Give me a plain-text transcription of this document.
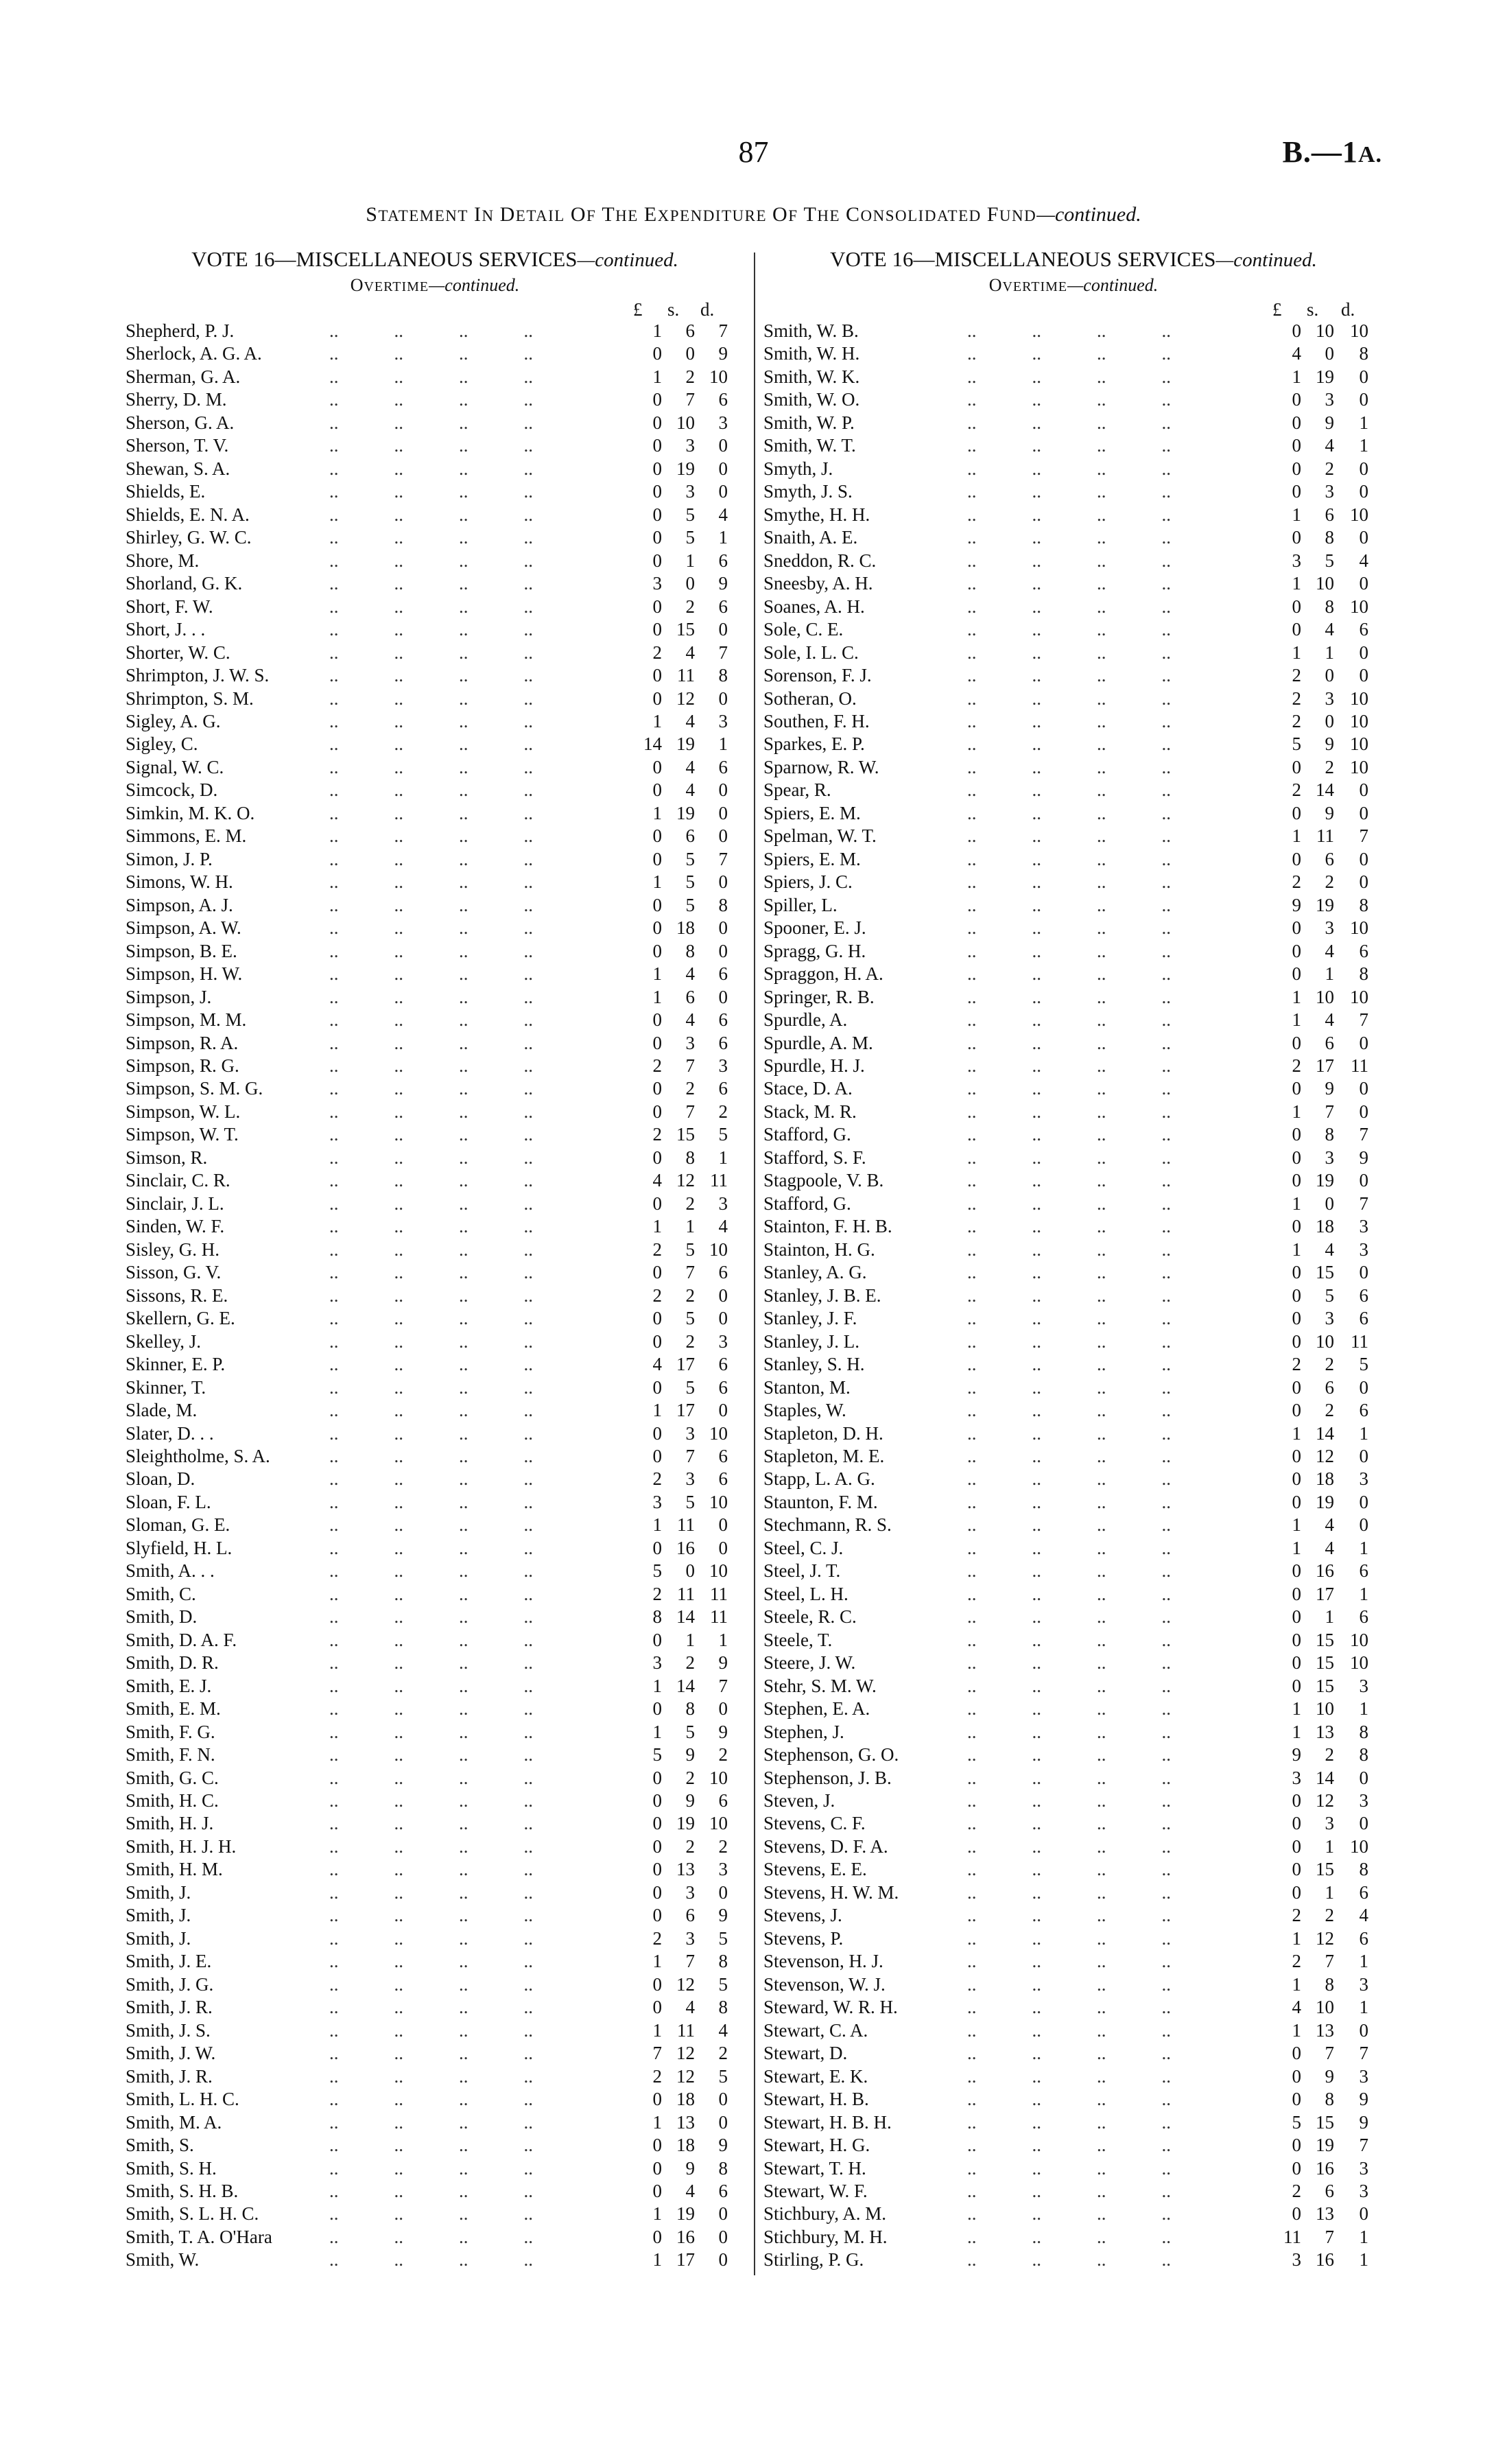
87	B.—1A.
STATEMENT IN DETAIL OF THE EXPENDITURE OF THE CONSOLIDATED FUND—continued.
VOTE 16—MISCELLANEOUS SERVICES—continued.
OVERTIME—continued.
£	s.	d.
Shepherd, P. J.	1	6	7
 ..   ..   ..   ..
Sherlock, A. G. A.	0	0	9
 ..   ..   ..   ..
Sherman, G. A.	1	2 10
 ..   ..   ..   ..
Sherry, D. M.	0	7	6
 ..   ..   ..   ..
Sherson, G. A.	0 10	3
 ..   ..   ..   ..
Sherson, T. V.	0	3	0
 ..   ..   ..   ..
Shewan, S. A.	0 19	0
 ..   ..   ..   ..
Shields, E.	0	3	0
 ..   ..   ..   ..
Shields, E. N. A.	0	5	4
 ..   ..   ..   ..
Shirley, G. W. C.	0	5	1
 ..   ..   ..   ..
Shore, M.	0	1	6
 ..   ..   ..   ..
Shorland, G. K.	3	0	9
 ..   ..   ..   ..
Short, F. W.	0	2	6
 ..   ..   ..   ..
Short, J. . .	0 15	0
 ..   ..   ..   ..
Shorter, W. C.	2	4	7
 ..   ..   ..   ..
Shrimpton, J. W. S.	0 11	8
 ..   ..   ..   ..
Shrimpton, S. M.	0 12	0
 ..   ..   ..   ..
Sigley, A. G.	1	4	3
 ..   ..   ..   ..
Sigley, C.	14 19	1
 ..   ..   ..   ..
Signal, W. C.	0	4	6
 ..   ..   ..   ..
Simcock, D.	0	4	0
 ..   ..   ..   ..
Simkin, M. K. O.	1 19	0
 ..   ..   ..   ..
Simmons, E. M.	0	6	0
 ..   ..   ..   ..
Simon, J. P.	0	5	7
 ..   ..   ..   ..
Simons, W. H.	1	5	0
 ..   ..   ..   ..
Simpson, A. J.	0	5	8
 ..   ..   ..   ..
Simpson, A. W.	0 18	0
 ..   ..   ..   ..
Simpson, B. E.	0	8	0
 ..   ..   ..   ..
Simpson, H. W.	1	4	6
 ..   ..   ..   ..
Simpson, J.	1	6	0
 ..   ..   ..   ..
Simpson, M. M.	0	4	6
 ..   ..   ..   ..
Simpson, R. A.	0	3	6
 ..   ..   ..   ..
Simpson, R. G.	2	7	3
 ..   ..   ..   ..
Simpson, S. M. G.	0	2	6
 ..   ..   ..   ..
Simpson, W. L.	0	7	2
 ..   ..   ..   ..
Simpson, W. T.	2 15	5
 ..   ..   ..   ..
Simson, R.	0	8	1
 ..   ..   ..   ..
Sinclair, C. R.	4 12 11
 ..   ..   ..   ..
Sinclair, J. L.	0	2	3
 ..   ..   ..   ..
Sinden, W. F.	1	1	4
 ..   ..   ..   ..
Sisley, G. H.	2	5 10
 ..   ..   ..   ..
Sisson, G. V.	0	7	6
 ..   ..   ..   ..
Sissons, R. E.	2	2	0
 ..   ..   ..   ..
Skellern, G. E.	0	5	0
 ..   ..   ..   ..
Skelley, J.	0	2	3
 ..   ..   ..   ..
Skinner, E. P.	4 17	6
 ..   ..   ..   ..
Skinner, T.	0	5	6
 ..   ..   ..   ..
Slade, M.	1 17	0
 ..   ..   ..   ..
Slater, D. . .	0	3 10
 ..   ..   ..   ..
Sleightholme, S. A.	0	7	6
 ..   ..   ..   ..
Sloan, D.	2	3	6
 ..   ..   ..   ..
Sloan, F. L.	3	5 10
 ..   ..   ..   ..
Sloman, G. E.	1 11	0
 ..   ..   ..   ..
Slyfield, H. L.	0 16	0
 ..   ..   ..   ..
Smith, A. . .	5	0 10
 ..   ..   ..   ..
Smith, C.	2 11 11
 ..   ..   ..   ..
Smith, D.	8 14 11
 ..   ..   ..   ..
Smith, D. A. F.	0	1	1
 ..   ..   ..   ..
Smith, D. R.	3	2	9
 ..   ..   ..   ..
Smith, E. J.	1 14	7
 ..   ..   ..   ..
Smith, E. M.	0	8	0
 ..   ..   ..   ..
Smith, F. G.	1	5	9
 ..   ..   ..   ..
Smith, F. N.	5	9	2
 ..   ..   ..   ..
Smith, G. C.	0	2 10
 ..   ..   ..   ..
Smith, H. C.	0	9	6
 ..   ..   ..   ..
Smith, H. J.	0 19 10
 ..   ..   ..   ..
Smith, H. J. H.	0	2	2
 ..   ..   ..   ..
Smith, H. M.	0 13	3
 ..   ..   ..   ..
Smith, J.	0	3	0
 ..   ..   ..   ..
Smith, J.	0	6	9
 ..   ..   ..   ..
Smith, J.	2	3	5
 ..   ..   ..   ..
Smith, J. E.	1	7	8
 ..   ..   ..   ..
Smith, J. G.	0 12	5
 ..   ..   ..   ..
Smith, J. R.	0	4	8
 ..   ..   ..   ..
Smith, J. S.	1 11	4
 ..   ..   ..   ..
Smith, J. W.	7 12	2
 ..   ..   ..   ..
Smith, J. R.	2 12	5
 ..   ..   ..   ..
Smith, L. H. C.	0 18	0
 ..   ..   ..   ..
Smith, M. A.	1 13	0
 ..   ..   ..   ..
Smith, S.	0 18	9
 ..   ..   ..   ..
Smith, S. H.	0	9	8
 ..   ..   ..   ..
Smith, S. H. B.	0	4	6
 ..   ..   ..   ..
Smith, S. L. H. C.	1 19	0
 ..   ..   ..   ..
Smith, T. A. O'Hara	0 16	0
 ..   ..   ..   ..
Smith, W.	1 17	0
 ..   ..   ..   ..
VOTE 16—MISCELLANEOUS SERVICES—continued.
OVERTIME—continued.
£	s.	d.
Smith, W. B.	0 10 10
 ..   ..   ..   ..
Smith, W. H.	4	0	8
 ..   ..   ..   ..
Smith, W. K.	1 19	0
 ..   ..   ..   ..
Smith, W. O.	0	3	0
 ..   ..   ..   ..
Smith, W. P.	0	9	1
 ..   ..   ..   ..
Smith, W. T.	0	4	1
 ..   ..   ..   ..
Smyth, J.	0	2	0
 ..   ..   ..   ..
Smyth, J. S.	0	3	0
 ..   ..   ..   ..
Smythe, H. H.	1	6 10
 ..   ..   ..   ..
Snaith, A. E.	0	8	0
 ..   ..   ..   ..
Sneddon, R. C.	3	5	4
 ..   ..   ..   ..
Sneesby, A. H.	1 10	0
 ..   ..   ..   ..
Soanes, A. H.	0	8 10
 ..   ..   ..   ..
Sole, C. E.	0	4	6
 ..   ..   ..   ..
Sole, I. L. C.	1	1	0
 ..   ..   ..   ..
Sorenson, F. J.	2	0	0
 ..   ..   ..   ..
Sotheran, O.	2	3 10
 ..   ..   ..   ..
Southen, F. H.	2	0 10
 ..   ..   ..   ..
Sparkes, E. P.	5	9 10
 ..   ..   ..   ..
Sparnow, R. W.	0	2 10
 ..   ..   ..   ..
Spear, R.	2 14	0
 ..   ..   ..   ..
Spiers, E. M.	0	9	0
 ..   ..   ..   ..
Spelman, W. T.	1 11	7
 ..   ..   ..   ..
Spiers, E. M.	0	6	0
 ..   ..   ..   ..
Spiers, J. C.	2	2	0
 ..   ..   ..   ..
Spiller, L.	9 19	8
 ..   ..   ..   ..
Spooner, E. J.	0	3 10
 ..   ..   ..   ..
Spragg, G. H.	0	4	6
 ..   ..   ..   ..
Spraggon, H. A.	0	1	8
 ..   ..   ..   ..
Springer, R. B.	1 10 10
 ..   ..   ..   ..
Spurdle, A.	1	4	7
 ..   ..   ..   ..
Spurdle, A. M.	0	6	0
 ..   ..   ..   ..
Spurdle, H. J.	2 17 11
 ..   ..   ..   ..
Stace, D. A.	0	9	0
 ..   ..   ..   ..
Stack, M. R.	1	7	0
 ..   ..   ..   ..
Stafford, G.	0	8	7
 ..   ..   ..   ..
Stafford, S. F.	0	3	9
 ..   ..   ..   ..
Stagpoole, V. B.	0 19	0
 ..   ..   ..   ..
Stafford, G.	1	0	7
 ..   ..   ..   ..
Stainton, F. H. B.	0 18	3
 ..   ..   ..   ..
Stainton, H. G.	1	4	3
 ..   ..   ..   ..
Stanley, A. G.	0 15	0
 ..   ..   ..   ..
Stanley, J. B. E.	0	5	6
 ..   ..   ..   ..
Stanley, J. F.	0	3	6
 ..   ..   ..   ..
Stanley, J. L.	0 10 11
 ..   ..   ..   ..
Stanley, S. H.	2	2	5
 ..   ..   ..   ..
Stanton, M.	0	6	0
 ..   ..   ..   ..
Staples, W.	0	2	6
 ..   ..   ..   ..
Stapleton, D. H.	1 14	1
 ..   ..   ..   ..
Stapleton, M. E.	0 12	0
 ..   ..   ..   ..
Stapp, L. A. G.	0 18	3
 ..   ..   ..   ..
Staunton, F. M.	0 19	0
 ..   ..   ..   ..
Stechmann, R. S.	1	4	0
 ..   ..   ..   ..
Steel, C. J.	1	4	1
 ..   ..   ..   ..
Steel, J. T.	0 16	6
 ..   ..   ..   ..
Steel, L. H.	0 17	1
 ..   ..   ..   ..
Steele, R. C.	0	1	6
 ..   ..   ..   ..
Steele, T.	0 15 10
 ..   ..   ..   ..
Steere, J. W.	0 15 10
 ..   ..   ..   ..
Stehr, S. M. W.	0 15	3
 ..   ..   ..   ..
Stephen, E. A.	1 10	1
 ..   ..   ..   ..
Stephen, J.	1 13	8
 ..   ..   ..   ..
Stephenson, G. O.	9	2	8
 ..   ..   ..   ..
Stephenson, J. B.	3 14	0
 ..   ..   ..   ..
Steven, J.	0 12	3
 ..   ..   ..   ..
Stevens, C. F.	0	3	0
 ..   ..   ..   ..
Stevens, D. F. A.	0	1 10
 ..   ..   ..   ..
Stevens, E. E.	0 15	8
 ..   ..   ..   ..
Stevens, H. W. M.	0	1	6
 ..   ..   ..   ..
Stevens, J.	2	2	4
 ..   ..   ..   ..
Stevens, P.	1 12	6
 ..   ..   ..   ..
Stevenson, H. J.	2	7	1
 ..   ..   ..   ..
Stevenson, W. J.	1	8	3
 ..   ..   ..   ..
Steward, W. R. H.	4 10	1
 ..   ..   ..   ..
Stewart, C. A.	1 13	0
 ..   ..   ..   ..
Stewart, D.	0	7	7
 ..   ..   ..   ..
Stewart, E. K.	0	9	3
 ..   ..   ..   ..
Stewart, H. B.	0	8	9
 ..   ..   ..   ..
Stewart, H. B. H.	5 15	9
 ..   ..   ..   ..
Stewart, H. G.	0 19	7
 ..   ..   ..   ..
Stewart, T. H.	0 16	3
 ..   ..   ..   ..
Stewart, W. F.	2	6	3
 ..   ..   ..   ..
Stichbury, A. M.	0 13	0
 ..   ..   ..   ..
Stichbury, M. H.	11	7	1
 ..   ..   ..   ..
Stirling, P. G.	3 16	1
 ..   ..   ..   ..
